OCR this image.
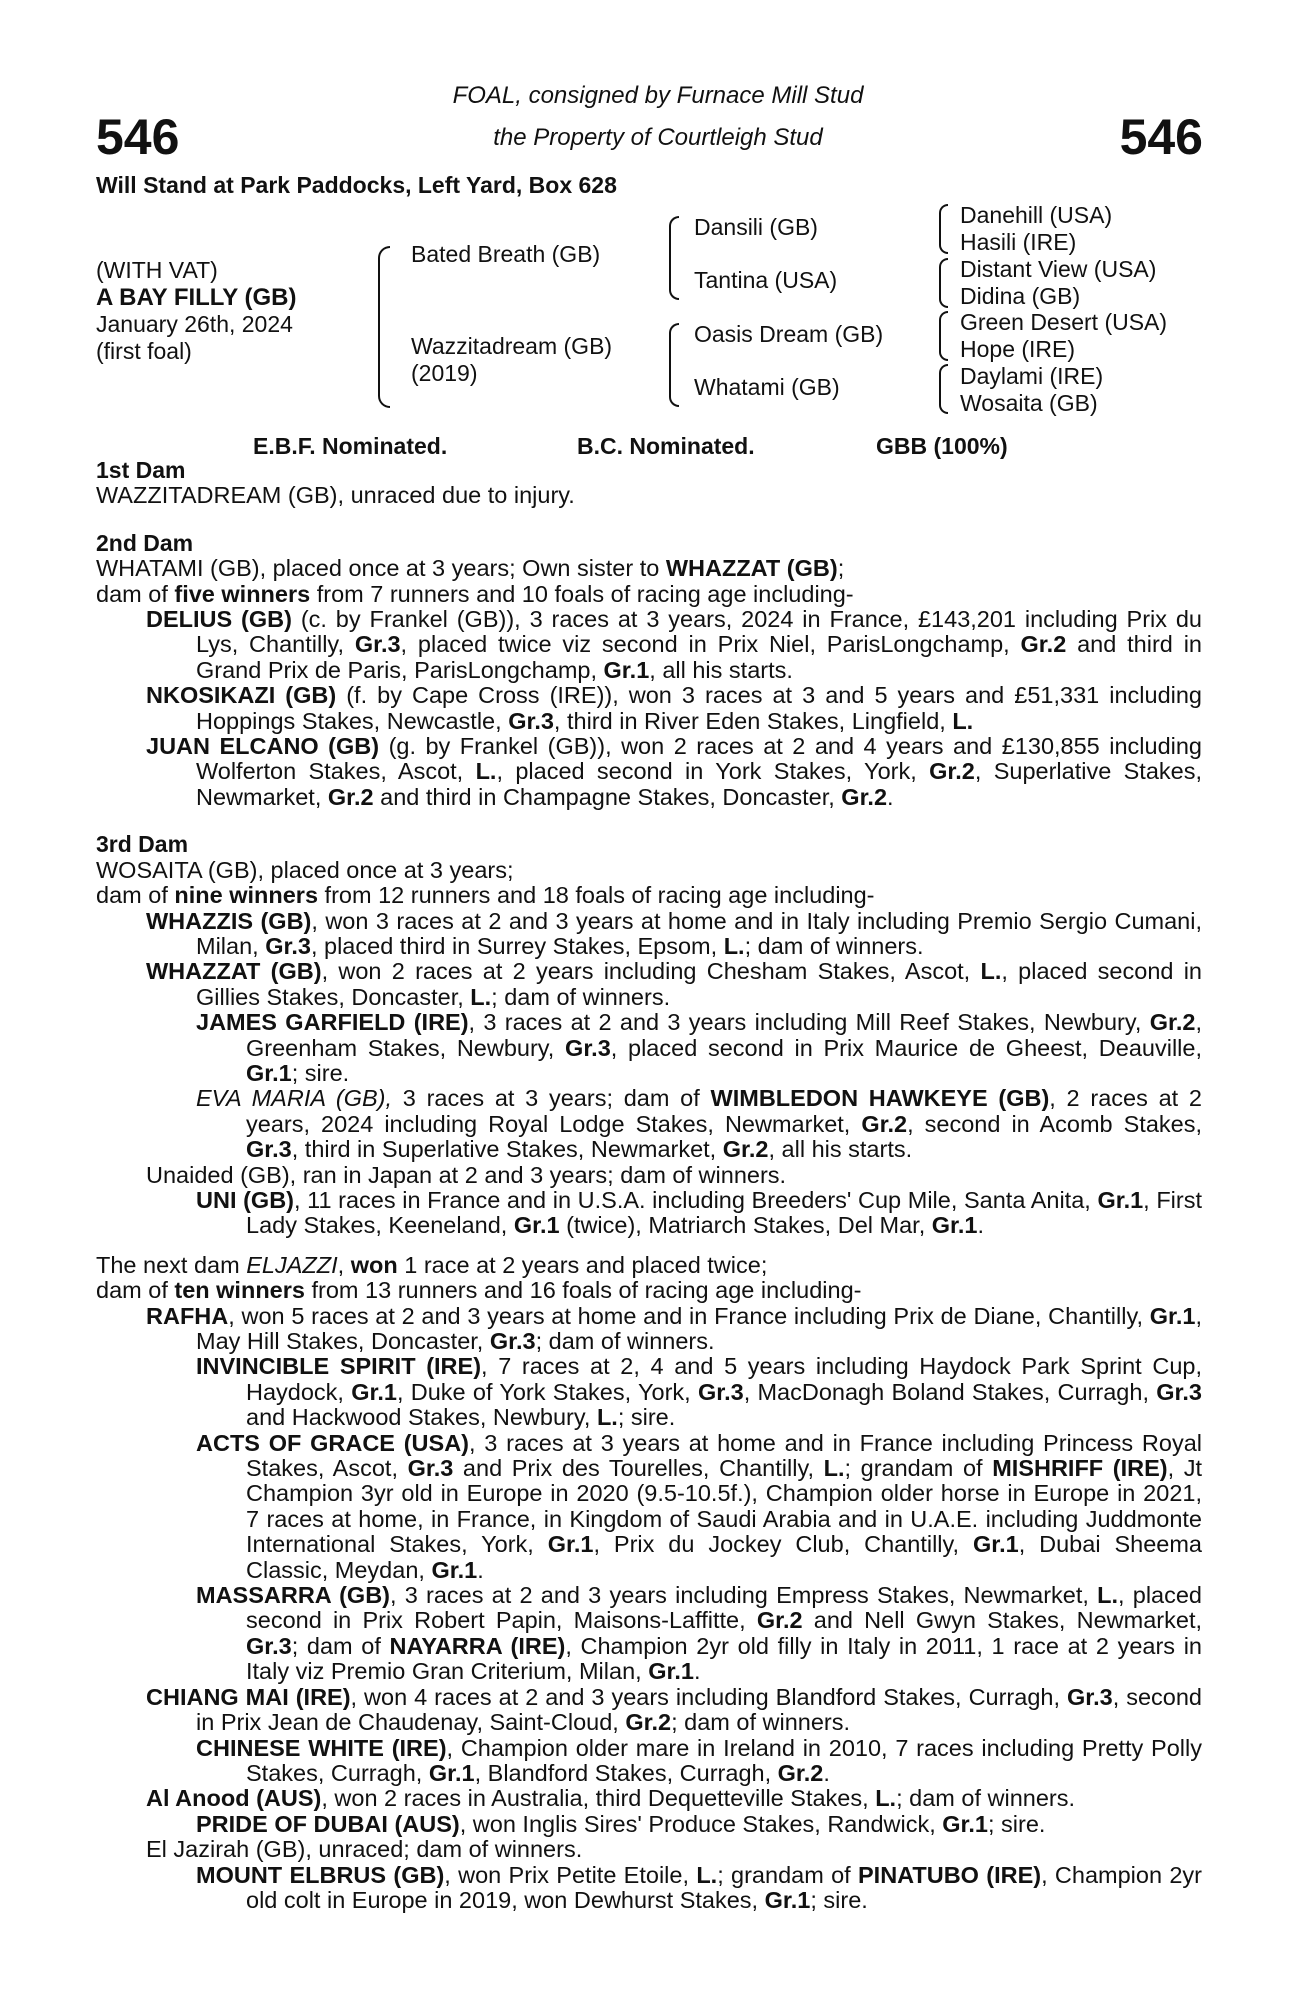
546	546
FOAL, consigned by Furnace Mill Stud
the Property of Courtleigh Stud
Will Stand at Park Paddocks, Left Yard, Box 628
(WITH VAT)
A BAY FILLY (GB)
January 26th, 2024
(first foal)
Bated Breath (GB)
Wazzitadream (GB)
(2019)
Dansili (GB)
Tantina (USA)
Oasis Dream (GB)
Whatami (GB)
Danehill (USA)
Hasili (IRE)
Distant View (USA)
Didina (GB)
Green Desert (USA)
Hope (IRE)
Daylami (IRE)
Wosaita (GB)
E.B.F. Nominated.	B.C. Nominated.	GBB (100%)
1st Dam

WAZZITADREAM (GB), unraced due to injury.

2nd Dam

WHATAMI (GB), placed once at 3 years; Own sister to WHAZZAT (GB);
dam of five winners from 7 runners and 10 foals of racing age including-

DELIUS (GB) (c. by Frankel (GB)), 3 races at 3 years, 2024 in France, £143,201 including Prix du Lys, Chantilly, Gr.3, placed twice viz second in Prix Niel, ParisLongchamp, Gr.2 and third in Grand Prix de Paris, ParisLongchamp, Gr.1, all his starts.

NKOSIKAZI (GB) (f. by Cape Cross (IRE)), won 3 races at 3 and 5 years and £51,331 including Hoppings Stakes, Newcastle, Gr.3, third in River Eden Stakes, Lingfield, L.

JUAN ELCANO (GB) (g. by Frankel (GB)), won 2 races at 2 and 4 years and £130,855 including Wolferton Stakes, Ascot, L., placed second in York Stakes, York, Gr.2, Superlative Stakes, Newmarket, Gr.2 and third in Champagne Stakes, Doncaster, Gr.2.

3rd Dam

WOSAITA (GB), placed once at 3 years;
dam of nine winners from 12 runners and 18 foals of racing age including-

WHAZZIS (GB), won 3 races at 2 and 3 years at home and in Italy including Premio Sergio Cumani, Milan, Gr.3, placed third in Surrey Stakes, Epsom, L.; dam of winners.

WHAZZAT (GB), won 2 races at 2 years including Chesham Stakes, Ascot, L., placed second in Gillies Stakes, Doncaster, L.; dam of winners.

JAMES GARFIELD (IRE), 3 races at 2 and 3 years including Mill Reef Stakes, Newbury, Gr.2, Greenham Stakes, Newbury, Gr.3, placed second in Prix Maurice de Gheest, Deauville, Gr.1; sire.

EVA MARIA (GB), 3 races at 3 years; dam of WIMBLEDON HAWKEYE (GB), 2 races at 2 years, 2024 including Royal Lodge Stakes, Newmarket, Gr.2, second in Acomb Stakes, Gr.3, third in Superlative Stakes, Newmarket, Gr.2, all his starts.

Unaided (GB), ran in Japan at 2 and 3 years; dam of winners.

UNI (GB), 11 races in France and in U.S.A. including Breeders' Cup Mile, Santa Anita, Gr.1, First Lady Stakes, Keeneland, Gr.1 (twice), Matriarch Stakes, Del Mar, Gr.1.

The next dam ELJAZZI, won 1 race at 2 years and placed twice;
dam of ten winners from 13 runners and 16 foals of racing age including-

RAFHA, won 5 races at 2 and 3 years at home and in France including Prix de Diane, Chantilly, Gr.1, May Hill Stakes, Doncaster, Gr.3; dam of winners.

INVINCIBLE SPIRIT (IRE), 7 races at 2, 4 and 5 years including Haydock Park Sprint Cup, Haydock, Gr.1, Duke of York Stakes, York, Gr.3, MacDonagh Boland Stakes, Curragh, Gr.3 and Hackwood Stakes, Newbury, L.; sire.

ACTS OF GRACE (USA), 3 races at 3 years at home and in France including Princess Royal Stakes, Ascot, Gr.3 and Prix des Tourelles, Chantilly, L.; grandam of MISHRIFF (IRE), Jt Champion 3yr old in Europe in 2020 (9.5-10.5f.), Champion older horse in Europe in 2021, 7 races at home, in France, in Kingdom of Saudi Arabia and in U.A.E. including Juddmonte International Stakes, York, Gr.1, Prix du Jockey Club, Chantilly, Gr.1, Dubai Sheema Classic, Meydan, Gr.1.

MASSARRA (GB), 3 races at 2 and 3 years including Empress Stakes, Newmarket, L., placed second in Prix Robert Papin, Maisons-Laffitte, Gr.2 and Nell Gwyn Stakes, Newmarket, Gr.3; dam of NAYARRA (IRE), Champion 2yr old filly in Italy in 2011, 1 race at 2 years in Italy viz Premio Gran Criterium, Milan, Gr.1.

CHIANG MAI (IRE), won 4 races at 2 and 3 years including Blandford Stakes, Curragh, Gr.3, second in Prix Jean de Chaudenay, Saint-Cloud, Gr.2; dam of winners.

CHINESE WHITE (IRE), Champion older mare in Ireland in 2010, 7 races including Pretty Polly Stakes, Curragh, Gr.1, Blandford Stakes, Curragh, Gr.2.

Al Anood (AUS), won 2 races in Australia, third Dequetteville Stakes, L.; dam of winners.

PRIDE OF DUBAI (AUS), won Inglis Sires' Produce Stakes, Randwick, Gr.1; sire.

El Jazirah (GB), unraced; dam of winners.

MOUNT ELBRUS (GB), won Prix Petite Etoile, L.; grandam of PINATUBO (IRE), Champion 2yr old colt in Europe in 2019, won Dewhurst Stakes, Gr.1; sire.
